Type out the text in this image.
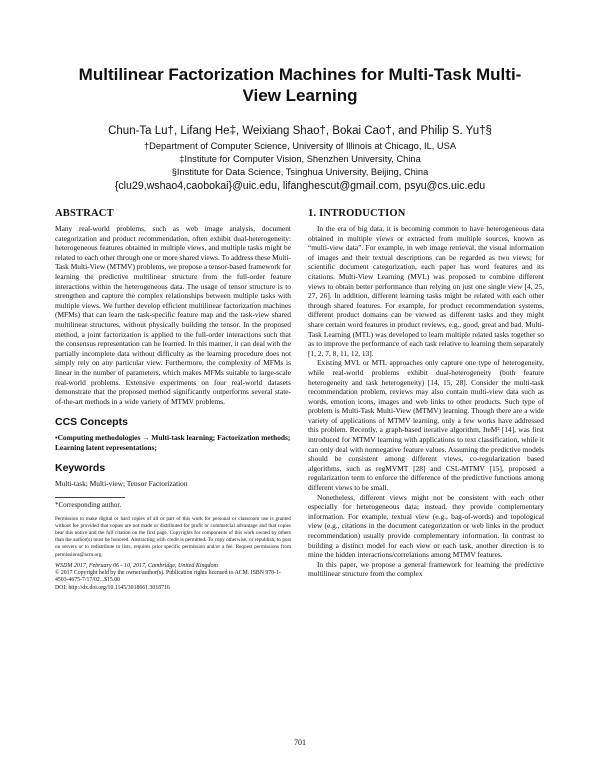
Multilinear Factorization Machines for Multi-Task Multi-View Learning
Chun-Ta Lu†, Lifang He‡, Weixiang Shao†, Bokai Cao†, and Philip S. Yu†§
†Department of Computer Science, University of Illinois at Chicago, IL, USA
‡Institute for Computer Vision, Shenzhen University, China
§Institute for Data Science, Tsinghua University, Beijing, China
{clu29,wshao4,caobokai}@uic.edu, lifanghescut@gmail.com, psyu@cs.uic.edu
ABSTRACT

Many real-world problems, such as web image analysis, document categorization and product recommendation, often exhibit dual-heterogeneity: heterogeneous features obtained in multiple views, and multiple tasks might be related to each other through one or more shared views. To address these Multi-Task Multi-View (MTMV) problems, we propose a tensor-based framework for learning the predictive multilinear structure from the full-order feature interactions within the heterogeneous data. The usage of tensor structure is to strengthen and capture the complex relationships between multiple tasks with multiple views. We further develop efficient multilinear factorization machines (MFMs) that can learn the task-specific feature map and the task-view shared multilinear structures, without physically building the tensor. In the proposed method, a joint factorization is applied to the full-order interactions such that the consensus representation can be learned. In this manner, it can deal with the partially incomplete data without difficulty as the learning procedure does not simply rely on any particular view. Furthermore, the complexity of MFMs is linear in the number of parameters, which makes MFMs suitable to large-scale real-world problems. Extensive experiments on four real-world datasets demonstrate that the proposed method significantly outperforms several state-of-the-art methods in a wide variety of MTMV problems.

CCS Concepts

•Computing methodologies → Multi-task learning; Factorization methods; Learning latent representations;

Keywords

Multi-task; Multi-view; Tensor Factorization

*Corresponding author.

Permission to make digital or hard copies of all or part of this work for personal or classroom use is granted without fee provided that copies are not made or distributed for profit or commercial advantage and that copies bear this notice and the full citation on the first page. Copyrights for components of this work owned by others than the author(s) must be honored. Abstracting with credit is permitted. To copy otherwise, or republish, to post on servers or to redistribute to lists, requires prior specific permission and/or a fee. Request permissions from permissions@acm.org.

WSDM 2017, February 06 - 10, 2017, Cambridge, United Kingdom

© 2017 Copyright held by the owner/author(s). Publication rights licensed to ACM. ISBN 978-1-4503-4675-7/17/02...$15.00

DOI: http://dx.doi.org/10.1145/3018661.3018716

1. INTRODUCTION

In the era of big data, it is becoming common to have heterogeneous data obtained in multiple views or extracted from multiple sources, known as “multi-view data”. For example, in web image retrieval, the visual information of images and their textual descriptions can be regarded as two views; for scientific document categorization, each paper has word features and its citations. Multi-View Learning (MVL) was proposed to combine different views to obtain better performance than relying on just one single view [4, 25, 27, 26]. In addition, different learning tasks might be related with each other through shared features. For example, for product recommendation systems, different product domains can be viewed as different tasks and they might share certain word features in product reviews, e.g., good, great and bad. Multi-Task Learning (MTL) was developed to learn multiple related tasks together so as to improve the performance of each task relative to learning them separately [1, 2, 7, 8, 11, 12, 13].

Existing MVL or MTL approaches only capture one type of heterogeneity, while real-world problems exhibit dual-heterogeneity (both feature heterogeneity and task heterogeneity) [14, 15, 28]. Consider the multi-task recommendation problem, reviews may also contain multi-view data such as words, emotion icons, images and web links to other products. Such type of problem is Multi-Task Multi-View (MTMV) learning. Though there are a wide variety of applications of MTMV learning, only a few works have addressed this problem. Recently, a graph-based iterative algorithm, IteM² [14], was first introduced for MTMV learning with applications to text classification, while it can only deal with nonnegative feature values. Assuming the predictive models should be consistent among different views, co-regularization based algorithms, such as regMVMT [28] and CSL-MTMV [15], proposed a regularization term to enforce the difference of the predictive functions among different views to be small.

Nonetheless, different views might not be consistent with each other especially for heterogeneous data; instead, they provide complementary information. For example, textual view (e.g., bag-of-words) and topological view (e.g., citations in the document categorization or web links in the product recommendation) usually provide complementary information. In contrast to building a distinct model for each view or each task, another direction is to mine the hidden interactions/correlations among MTMV features.

In this paper, we propose a general framework for learning the predictive multilinear structure from the complex

701
